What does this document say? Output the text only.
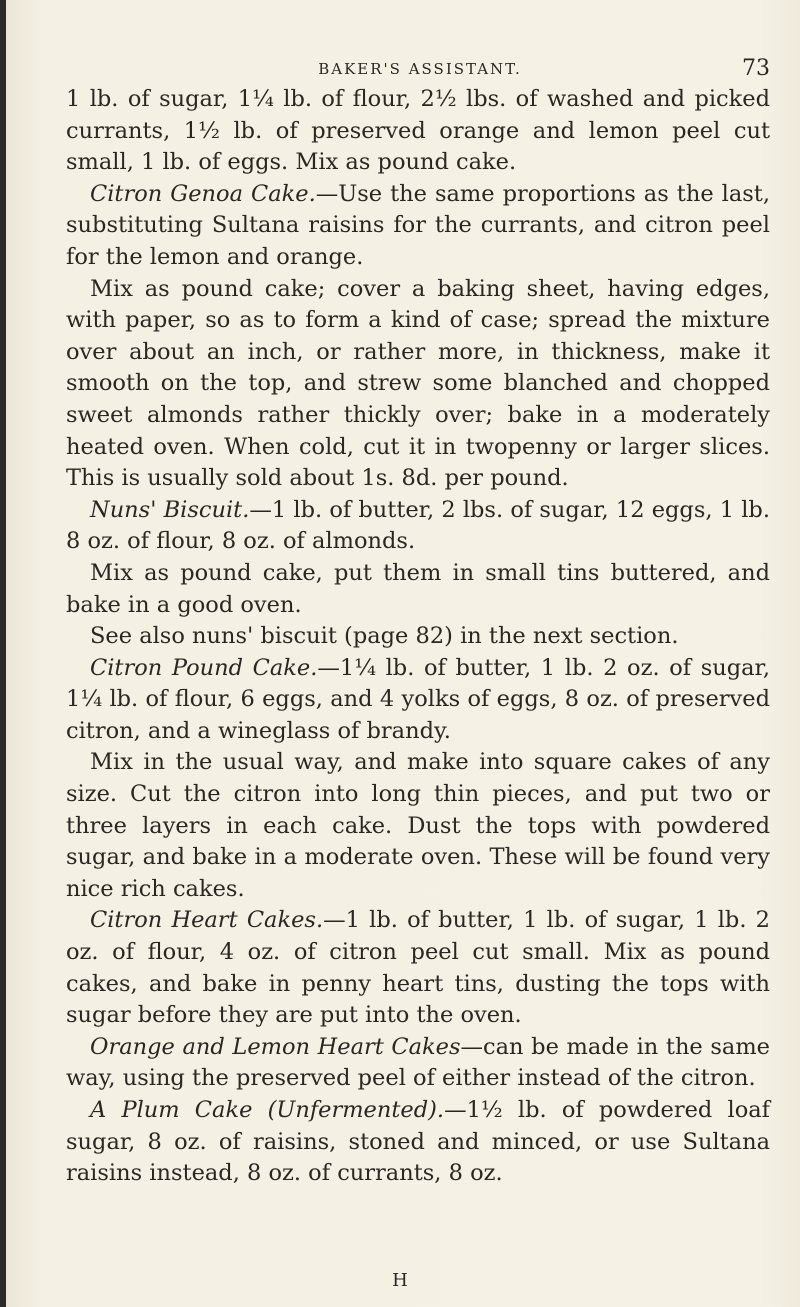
BAKER'S ASSISTANT.	73

1 lb. of sugar, 1¼ lb. of flour, 2½ lbs. of washed and picked currants, 1½ lb. of preserved orange and lemon peel cut small, 1 lb. of eggs. Mix as pound cake.

Citron Genoa Cake.—Use the same proportions as the last, substituting Sultana raisins for the currants, and citron peel for the lemon and orange.

Mix as pound cake; cover a baking sheet, having edges, with paper, so as to form a kind of case; spread the mixture over about an inch, or rather more, in thickness, make it smooth on the top, and strew some blanched and chopped sweet almonds rather thickly over; bake in a moderately heated oven. When cold, cut it in twopenny or larger slices. This is usually sold about 1s. 8d. per pound.

Nuns' Biscuit.—1 lb. of butter, 2 lbs. of sugar, 12 eggs, 1 lb. 8 oz. of flour, 8 oz. of almonds.

Mix as pound cake, put them in small tins buttered, and bake in a good oven.

See also nuns' biscuit (page 82) in the next section.

Citron Pound Cake.—1¼ lb. of butter, 1 lb. 2 oz. of sugar, 1¼ lb. of flour, 6 eggs, and 4 yolks of eggs, 8 oz. of preserved citron, and a wineglass of brandy.

Mix in the usual way, and make into square cakes of any size. Cut the citron into long thin pieces, and put two or three layers in each cake. Dust the tops with powdered sugar, and bake in a moderate oven. These will be found very nice rich cakes.

Citron Heart Cakes.—1 lb. of butter, 1 lb. of sugar, 1 lb. 2 oz. of flour, 4 oz. of citron peel cut small. Mix as pound cakes, and bake in penny heart tins, dusting the tops with sugar before they are put into the oven.

Orange and Lemon Heart Cakes—can be made in the same way, using the preserved peel of either instead of the citron.

A Plum Cake (Unfermented).—1½ lb. of powdered loaf sugar, 8 oz. of raisins, stoned and minced, or use Sultana raisins instead, 8 oz. of currants, 8 oz.

H
